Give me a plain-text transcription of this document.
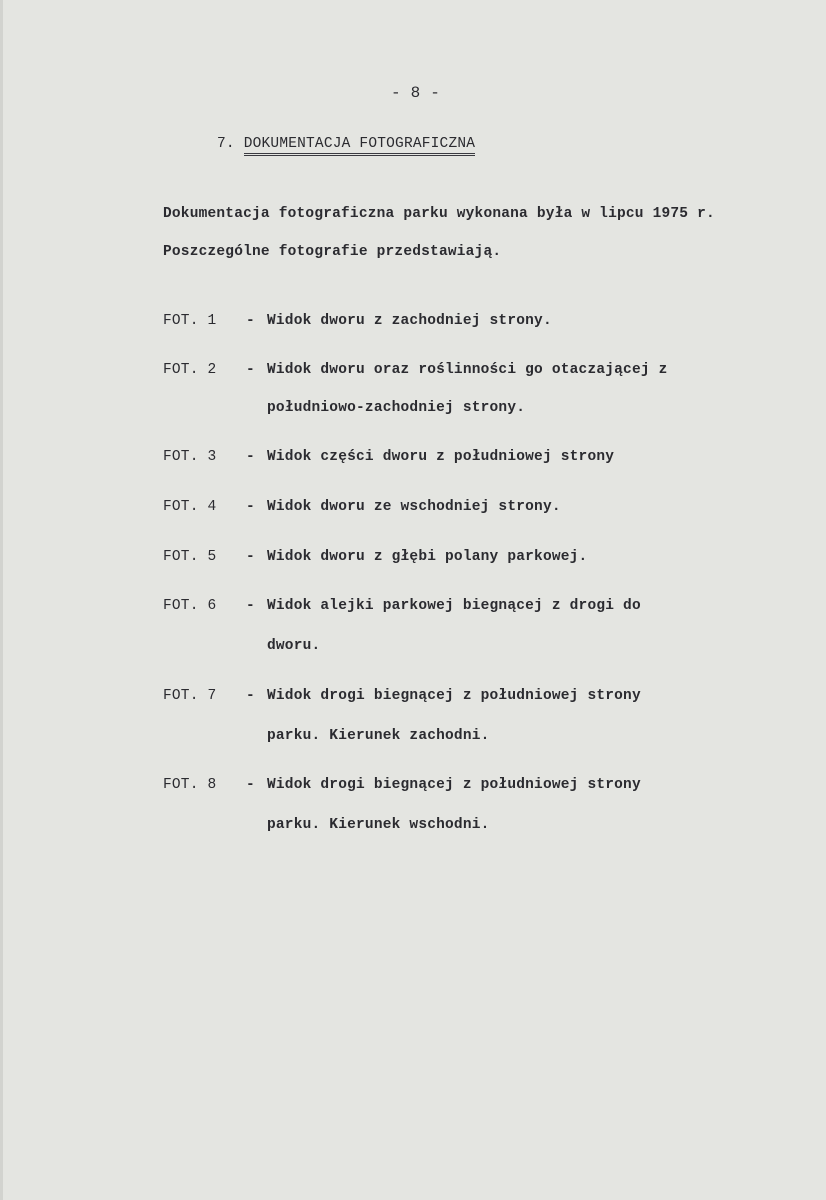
- 8 -
7. DOKUMENTACJA FOTOGRAFICZNA
Dokumentacja fotograficzna parku wykonana była w lipcu 1975 r.
Poszczególne fotografie przedstawiają.
FOT. 1 - Widok dworu z zachodniej strony.
FOT. 2 - Widok dworu oraz roślinności go otaczającej z
południowo-zachodniej strony.
FOT. 3 - Widok części dworu z południowej strony
FOT. 4 - Widok dworu ze wschodniej strony.
FOT. 5 - Widok dworu z głębi polany parkowej.
FOT. 6 - Widok alejki parkowej biegnącej z drogi do
dworu.
FOT. 7 - Widok drogi biegnącej z południowej strony
parku. Kierunek zachodni.
FOT. 8 - Widok drogi biegnącej z południowej strony
parku. Kierunek wschodni.
